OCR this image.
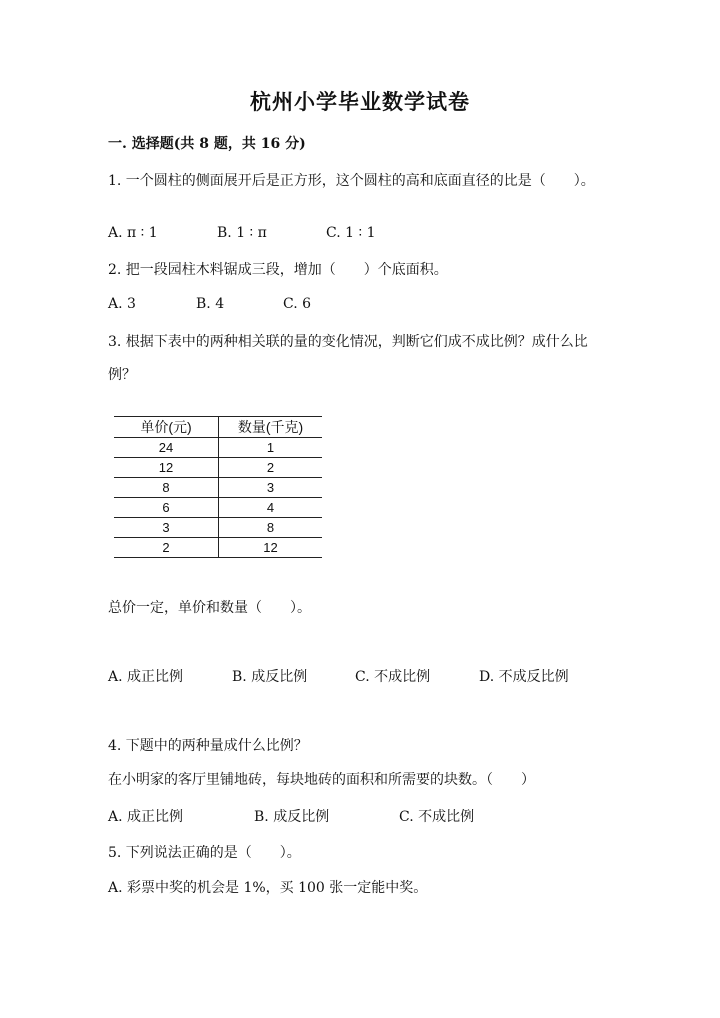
杭州小学毕业数学试卷
一. 选择题(共 8 题，共 16 分)
1. 一个圆柱的侧面展开后是正方形，这个圆柱的高和底面直径的比是（　　）。
A. π ∶ 1	B. 1 ∶ π	C. 1 ∶ 1
2. 把一段园柱木料锯成三段，增加（　　）个底面积。
A. 3	B. 4	C. 6
3. 根据下表中的两种相关联的量的变化情况，判断它们成不成比例？成什么比
例？
单价(元)	数量(千克)
24	1
12	2
8	3
6	4
3	8
2	12
总价一定，单价和数量（　　）。
A. 成正比例	B. 成反比例	C. 不成比例	D. 不成反比例
4. 下题中的两种量成什么比例？
在小明家的客厅里铺地砖，每块地砖的面积和所需要的块数。（　　）
A. 成正比例	B. 成反比例	C. 不成比例
5. 下列说法正确的是（　　）。
A. 彩票中奖的机会是 1%，买 100 张一定能中奖。
